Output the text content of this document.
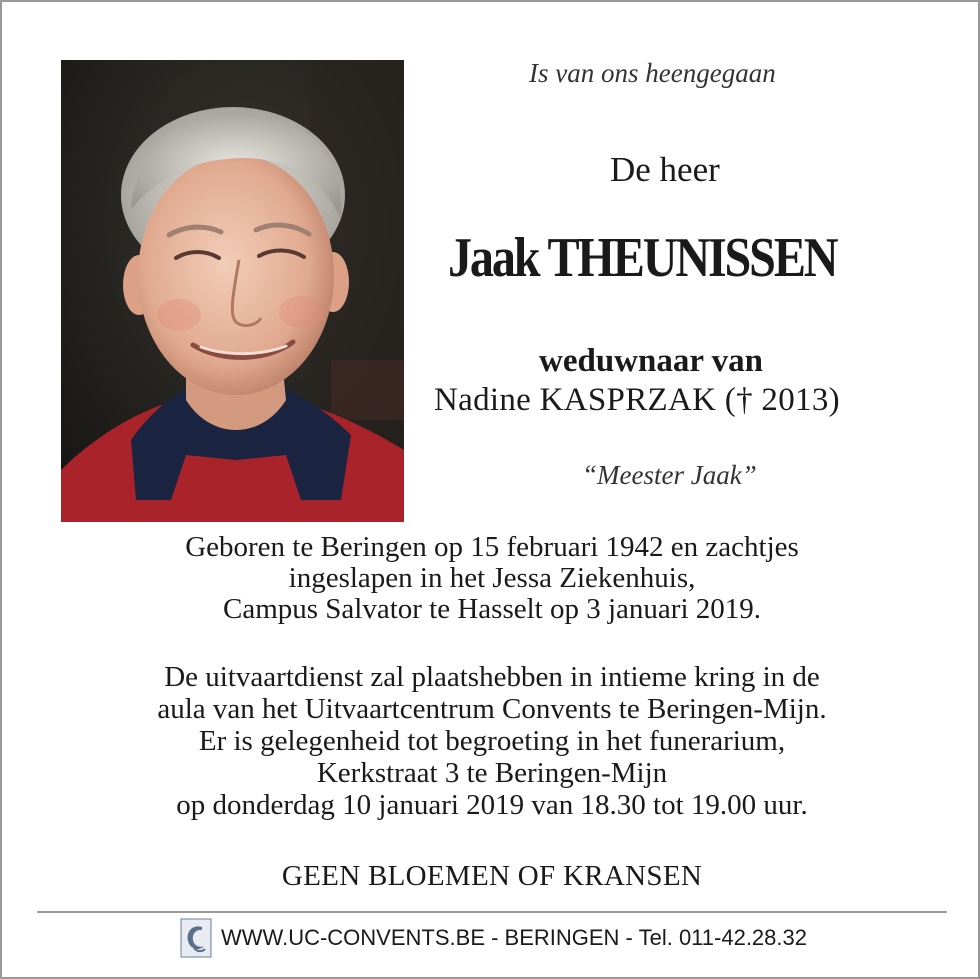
Is van ons heengegaan
De heer
Jaak THEUNISSEN
weduwnaar van
Nadine KASPRZAK († 2013)
“Meester Jaak”
Geboren te Beringen op 15 februari 1942 en zachtjes
ingeslapen in het Jessa Ziekenhuis,
Campus Salvator te Hasselt op 3 januari 2019.
De uitvaartdienst zal plaatshebben in intieme kring in de
aula van het Uitvaartcentrum Convents te Beringen-Mijn.
Er is gelegenheid tot begroeting in het funerarium,
Kerkstraat 3 te Beringen-Mijn
op donderdag 10 januari 2019 van 18.30 tot 19.00 uur.
GEEN BLOEMEN OF KRANSEN
WWW.UC-CONVENTS.BE - BERINGEN - Tel. 011-42.28.32
